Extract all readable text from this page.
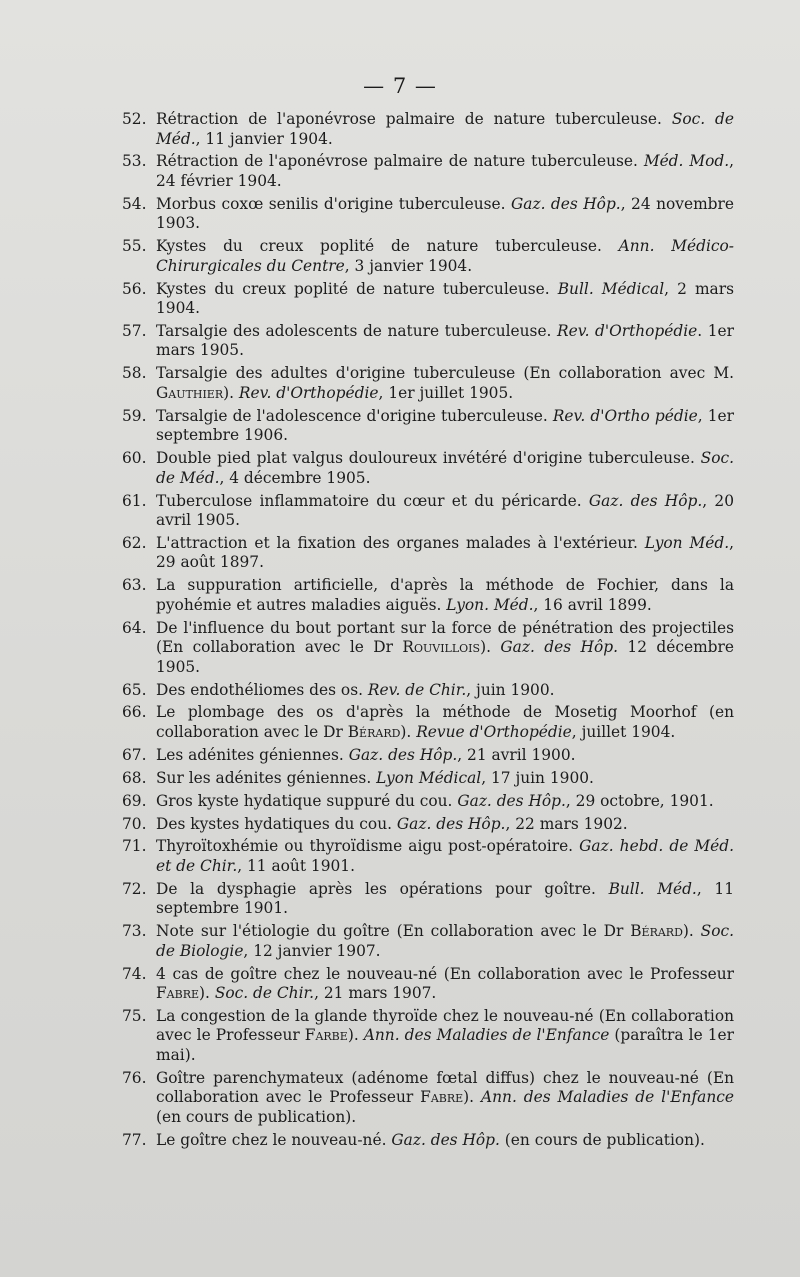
— 7 —
52. Rétraction de l'aponévrose palmaire de nature tuberculeuse. Soc. de Méd., 11 janvier 1904.
53. Rétraction de l'aponévrose palmaire de nature tuberculeuse. Méd. Mod., 24 février 1904.
54. Morbus coxœ senilis d'origine tuberculeuse. Gaz. des Hôp., 24 novembre 1903.
55. Kystes du creux poplité de nature tuberculeuse. Ann. Médico-Chirurgicales du Centre, 3 janvier 1904.
56. Kystes du creux poplité de nature tuberculeuse. Bull. Médical, 2 mars 1904.
57. Tarsalgie des adolescents de nature tuberculeuse. Rev. d'Orthopédie. 1er mars 1905.
58. Tarsalgie des adultes d'origine tuberculeuse (En collaboration avec M. Gauthier). Rev. d'Orthopédie, 1er juillet 1905.
59. Tarsalgie de l'adolescence d'origine tuberculeuse. Rev. d'Ortho pédie, 1er septembre 1906.
60. Double pied plat valgus douloureux invétéré d'origine tuberculeuse. Soc. de Méd., 4 décembre 1905.
61. Tuberculose inflammatoire du cœur et du péricarde. Gaz. des Hôp., 20 avril 1905.
62. L'attraction et la fixation des organes malades à l'extérieur. Lyon Méd., 29 août 1897.
63. La suppuration artificielle, d'après la méthode de Fochier, dans la pyohémie et autres maladies aiguës. Lyon. Méd., 16 avril 1899.
64. De l'influence du bout portant sur la force de pénétration des projectiles (En collaboration avec le Dr Rouvillois). Gaz. des Hôp. 12 décembre 1905.
65. Des endothéliomes des os. Rev. de Chir., juin 1900.
66. Le plombage des os d'après la méthode de Mosetig Moorhof (en collaboration avec le Dr Bérard). Revue d'Orthopédie, juillet 1904.
67. Les adénites géniennes. Gaz. des Hôp., 21 avril 1900.
68. Sur les adénites géniennes. Lyon Médical, 17 juin 1900.
69. Gros kyste hydatique suppuré du cou. Gaz. des Hôp., 29 octobre, 1901.
70. Des kystes hydatiques du cou. Gaz. des Hôp., 22 mars 1902.
71. Thyroïtoxhémie ou thyroïdisme aigu post-opératoire. Gaz. hebd. de Méd. et de Chir., 11 août 1901.
72. De la dysphagie après les opérations pour goître. Bull. Méd., 11 septembre 1901.
73. Note sur l'étiologie du goître (En collaboration avec le Dr Bérard). Soc. de Biologie, 12 janvier 1907.
74. 4 cas de goître chez le nouveau-né (En collaboration avec le Professeur Fabre). Soc. de Chir., 21 mars 1907.
75. La congestion de la glande thyroïde chez le nouveau-né (En collaboration avec le Professeur Farbe). Ann. des Maladies de l'Enfance (paraîtra le 1er mai).
76. Goître parenchymateux (adénome fœtal diffus) chez le nouveau-né (En collaboration avec le Professeur Fabre). Ann. des Maladies de l'Enfance (en cours de publication).
77. Le goître chez le nouveau-né. Gaz. des Hôp. (en cours de publication).
